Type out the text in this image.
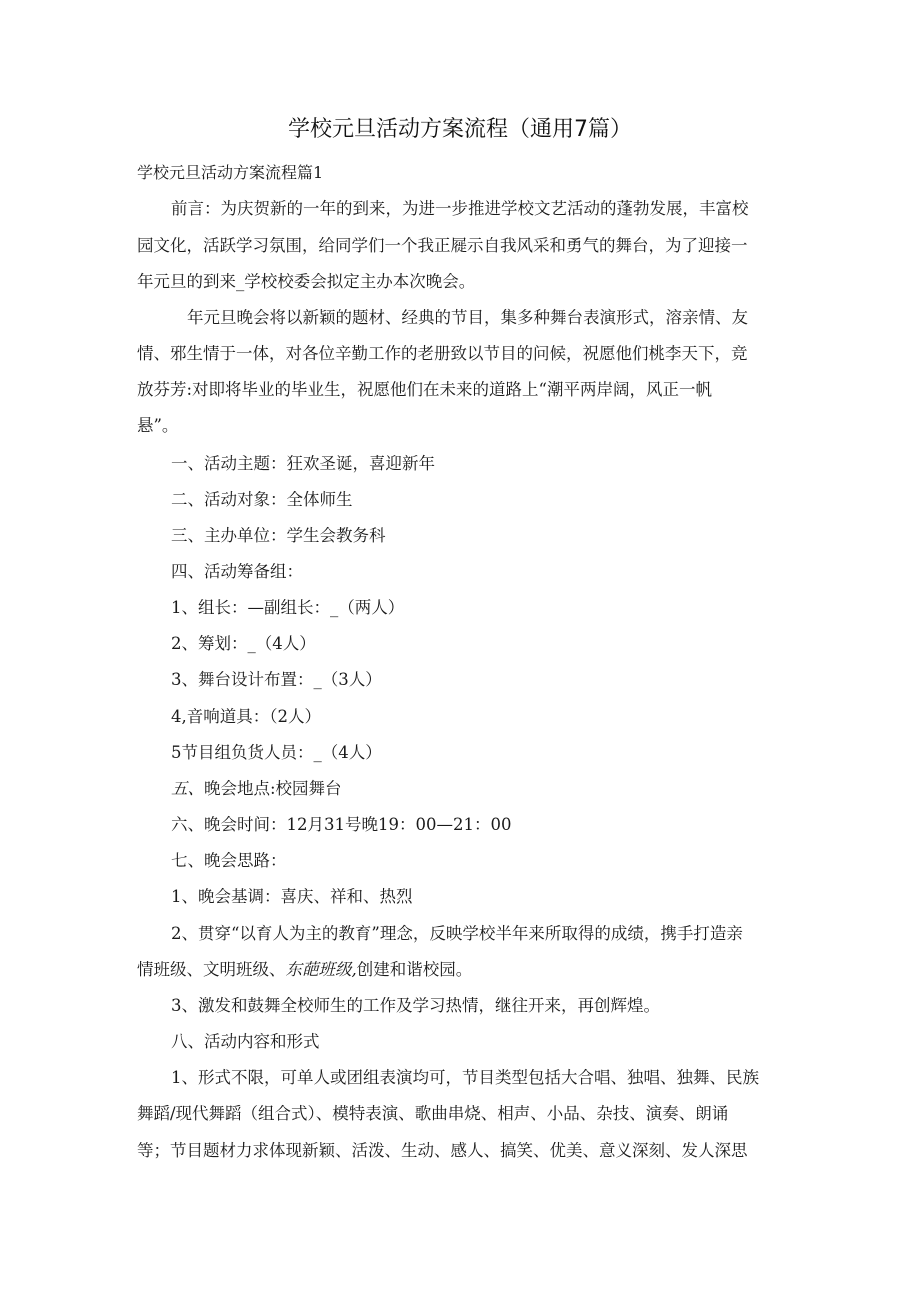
学校元旦活动方案流程（通用7篇）
学校元旦活动方案流程篇1
前言：为庆贺新的一年的到来，为进一步推进学校文艺活动的蓬勃发展，丰富校
园文化，活跃学习氛围，给同学们一个我正屣示自我风采和勇气的舞台，为了迎接一
年元旦的到来_学校校委会拟定主办本次晚会。
年元旦晚会将以新颖的题材、经典的节目，集多种舞台表演形式，溶亲情、友
情、邪生情于一体，对各位辛勤工作的老册致以节目的问候，祝愿他们桃李天下，竞
放芬芳:对即将毕业的毕业生，祝愿他们在未来的道路上“潮平两岸阔，风正一帆
悬”。
一、活动主题：狂欢圣诞，喜迎新年
二、活动对象：全体师生
三、主办单位：学生会教务科
四、活动筹备组：
1、组长：—副组长：_（两人）
2、筹划：_（4人）
3、舞台设计布置：_（3人）
4,音响道具：（2人）
5节目组负货人员：_（4人）
五、晚会地点:校园舞台
六、晚会时间：12月31号晚19：00—21：00
七、晚会思路：
1、晚会基调：喜庆、祥和、热烈
2、贯穿“以育人为主的教育”理念，反映学校半年来所取得的成绩，携手打造亲
情班级、文明班级、东葩班级,创建和谐校园。
3、激发和鼓舞全校师生的工作及学习热情，继往开来，再创辉煌。
八、活动内容和形式
1、形式不限，可单人或团组表演均可，节目类型包括大合唱、独唱、独舞、民族
舞蹈/现代舞蹈（组合式）、模特表演、歌曲串烧、相声、小品、杂技、演奏、朗诵
等；节目题材力求体现新颖、活泼、生动、感人、搞笑、优美、意义深刻、发人深思
